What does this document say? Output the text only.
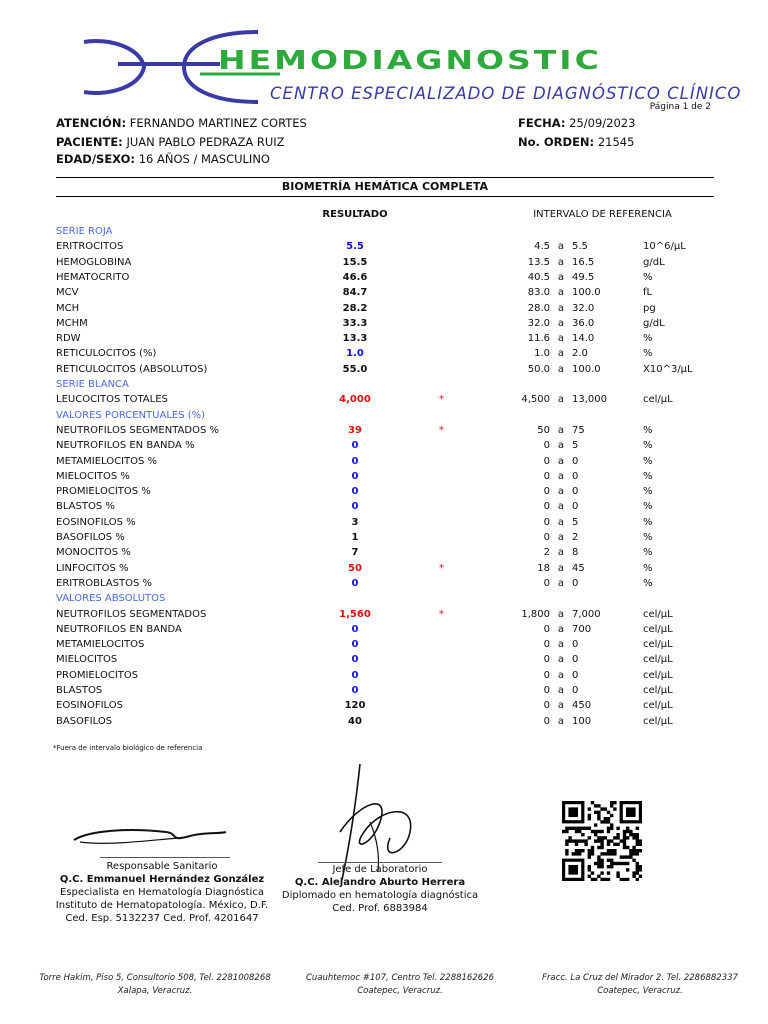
HEMODIAGNOSTIC
CENTRO ESPECIALIZADO DE DIAGNÓSTICO CLÍNICO
Página 1 de 2
ATENCIÓN: FERNANDO MARTINEZ CORTES
PACIENTE: JUAN PABLO PEDRAZA RUIZ
EDAD/SEXO: 16 AÑOS / MASCULINO
FECHA: 25/09/2023
No. ORDEN: 21545
BIOMETRÍA HEMÁTICA COMPLETA
RESULTADO	INTERVALO DE REFERENCIA
SERIE ROJA
ERITROCITOS	5.5	4.5 a 5.5	10^6/µL
HEMOGLOBINA	15.5	13.5 a 16.5	g/dL
HEMATOCRITO	46.6	40.5 a 49.5	%
MCV	84.7	83.0 a 100.0	fL
MCH	28.2	28.0 a 32.0	pg
MCHM	33.3	32.0 a 36.0	g/dL
RDW	13.3	11.6 a 14.0	%
RETICULOCITOS (%)	1.0	1.0 a 2.0	%
RETICULOCITOS (ABSOLUTOS)	55.0	50.0 a 100.0	X10^3/µL
SERIE BLANCA
LEUCOCITOS TOTALES	4,000	*	4,500 a 13,000	cel/µL
VALORES PORCENTUALES (%)
NEUTROFILOS SEGMENTADOS %	39	*	50 a 75	%
NEUTROFILOS EN BANDA %	0	0 a 5	%
METAMIELOCITOS %	0	0 a 0	%
MIELOCITOS %	0	0 a 0	%
PROMIELOCITOS %	0	0 a 0	%
BLASTOS %	0	0 a 0	%
EOSINOFILOS %	3	0 a 5	%
BASOFILOS %	1	0 a 2	%
MONOCITOS %	7	2 a 8	%
LINFOCITOS %	50	*	18 a 45	%
ERITROBLASTOS %	0	0 a 0	%
VALORES ABSOLUTOS
NEUTROFILOS SEGMENTADOS	1,560	*	1,800 a 7,000	cel/µL
NEUTROFILOS EN BANDA	0	0 a 700	cel/µL
METAMIELOCITOS	0	0 a 0	cel/µL
MIELOCITOS	0	0 a 0	cel/µL
PROMIELOCITOS	0	0 a 0	cel/µL
BLASTOS	0	0 a 0	cel/µL
EOSINOFILOS	120	0 a 450	cel/µL
BASOFILOS	40	0 a 100	cel/µL
*Fuera de intervalo biológico de referencia
Responsable Sanitario
Q.C. Emmanuel Hernández González
Especialista en Hematología Diagnóstica
Instituto de Hematopatología. México, D.F.
Ced. Esp. 5132237 Ced. Prof. 4201647
Jefe de Laboratorio
Q.C. Alejandro Aburto Herrera
Diplomado en hematología diagnóstica
Ced. Prof. 6883984
Torre Hakim, Piso 5, Consultorio 508, Tel. 2281008268
Xalapa, Veracruz.
Cuauhtemoc #107, Centro Tel. 2288162626
Coatepec, Veracruz.
Fracc. La Cruz del Mirador 2. Tel. 2286882337
Coatepec, Veracruz.
